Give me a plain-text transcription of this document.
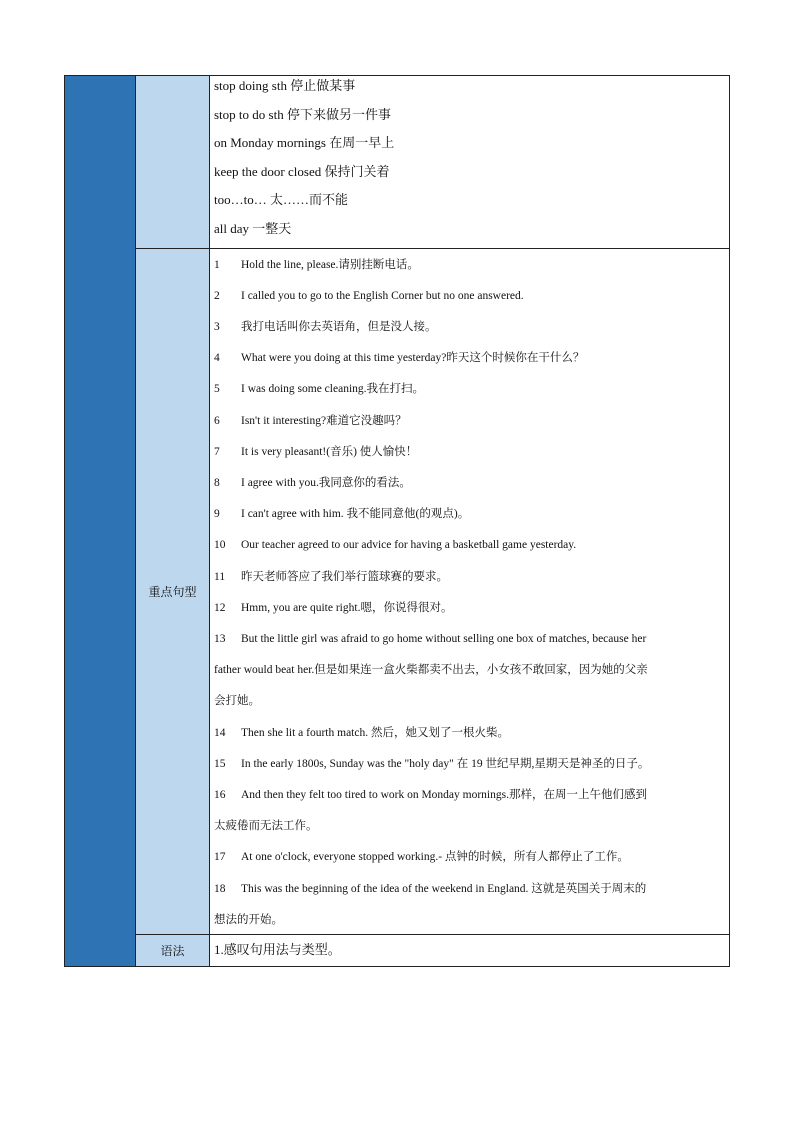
stop doing sth 停止做某事
stop to do sth 停下来做另一件事
on Monday mornings 在周一早上
keep the door closed 保持门关着
too…to… 太……而不能
all day 一整天
重点句型
1 Hold the line, please.请别挂断电话。
2 I called you to go to the English Corner but no one answered.
3 我打电话叫你去英语角，但是没人接。
4 What were you doing at this time yesterday?昨天这个时候你在干什么？
5 I was doing some cleaning.我在打扫。
6 Isn't it interesting?难道它没趣吗？
7 It is very pleasant!(音乐) 使人愉快！
8 I agree with you.我同意你的看法。
9 I can't agree with him. 我不能同意他(的观点)。
10 Our teacher agreed to our advice for having a basketball game yesterday.
11 昨天老师答应了我们举行篮球赛的要求。
12 Hmm, you are quite right.嗯，你说得很对。
13 But the little girl was afraid to go home without selling one box of matches, because her
father would beat her.但是如果连一盒火柴都卖不出去，小女孩不敢回家，因为她的父亲
会打她。
14 Then she lit a fourth match. 然后，她又划了一根火柴。
15 In the early 1800s, Sunday was the "holy day" 在 19 世纪早期,星期天是神圣的日子。
16 And then they felt too tired to work on Monday mornings.那样，在周一上午他们感到
太疲倦而无法工作。
17 At one o'clock, everyone stopped working.- 点钟的时候，所有人都停止了工作。
18 This was the beginning of the idea of the weekend in England. 这就是英国关于周末的
想法的开始。
语法 1.感叹句用法与类型。
